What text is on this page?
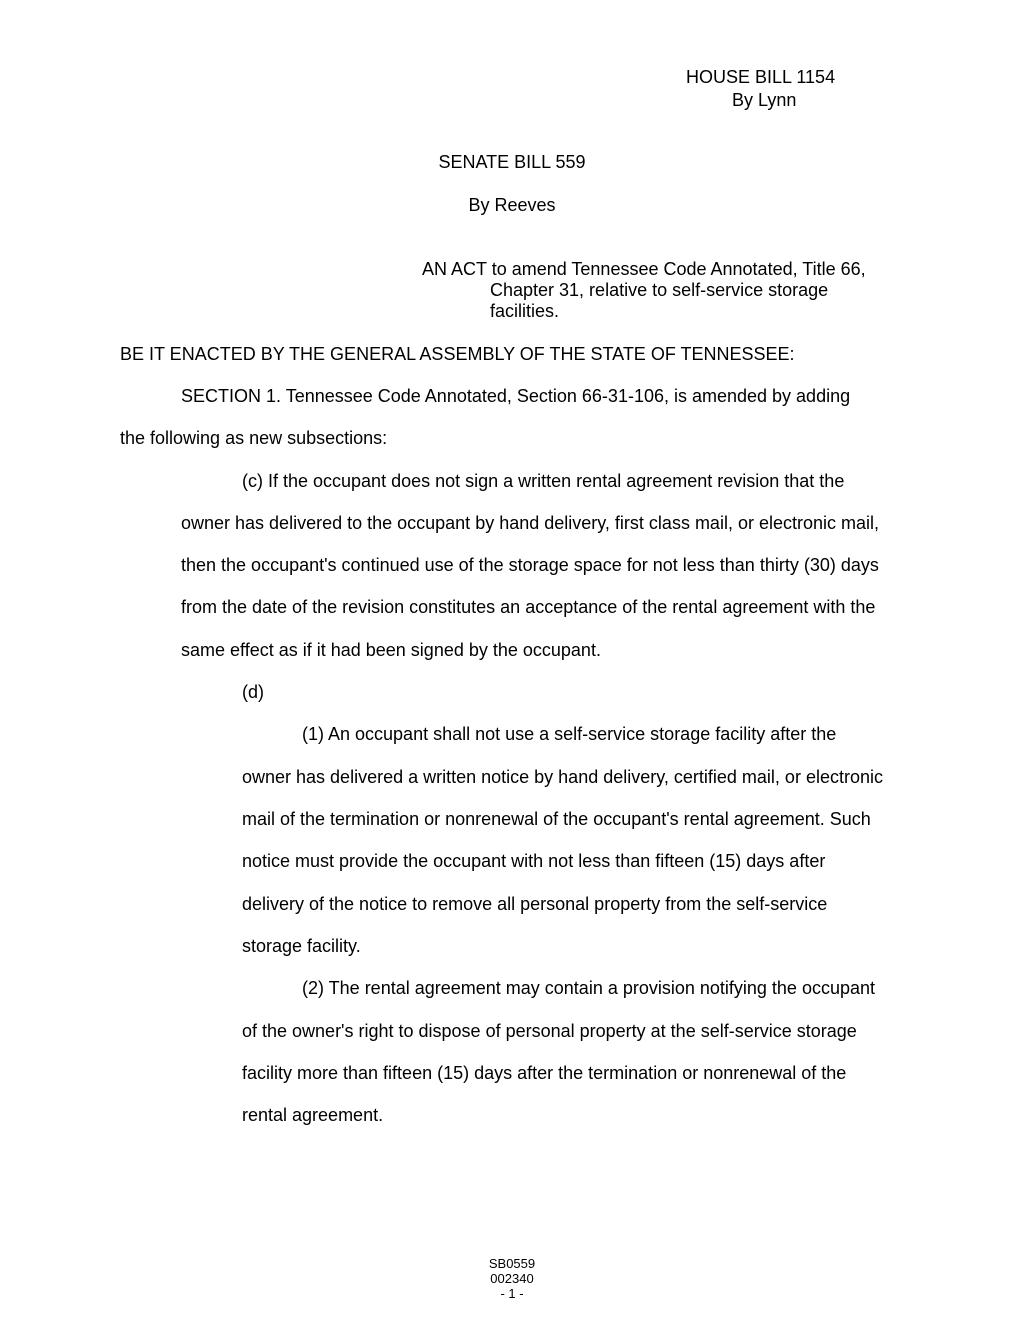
HOUSE BILL 1154
By Lynn
SENATE BILL 559
By Reeves
AN ACT to amend Tennessee Code Annotated, Title 66,
Chapter 31, relative to self-service storage
facilities.
BE IT ENACTED BY THE GENERAL ASSEMBLY OF THE STATE OF TENNESSEE:
SECTION 1. Tennessee Code Annotated, Section 66-31-106, is amended by adding
the following as new subsections:
(c) If the occupant does not sign a written rental agreement revision that the
owner has delivered to the occupant by hand delivery, first class mail, or electronic mail,
then the occupant's continued use of the storage space for not less than thirty (30) days
from the date of the revision constitutes an acceptance of the rental agreement with the
same effect as if it had been signed by the occupant.
(d)
(1) An occupant shall not use a self-service storage facility after the
owner has delivered a written notice by hand delivery, certified mail, or electronic
mail of the termination or nonrenewal of the occupant's rental agreement. Such
notice must provide the occupant with not less than fifteen (15) days after
delivery of the notice to remove all personal property from the self-service
storage facility.
(2) The rental agreement may contain a provision notifying the occupant
of the owner's right to dispose of personal property at the self-service storage
facility more than fifteen (15) days after the termination or nonrenewal of the
rental agreement.
SB0559
002340
- 1 -
